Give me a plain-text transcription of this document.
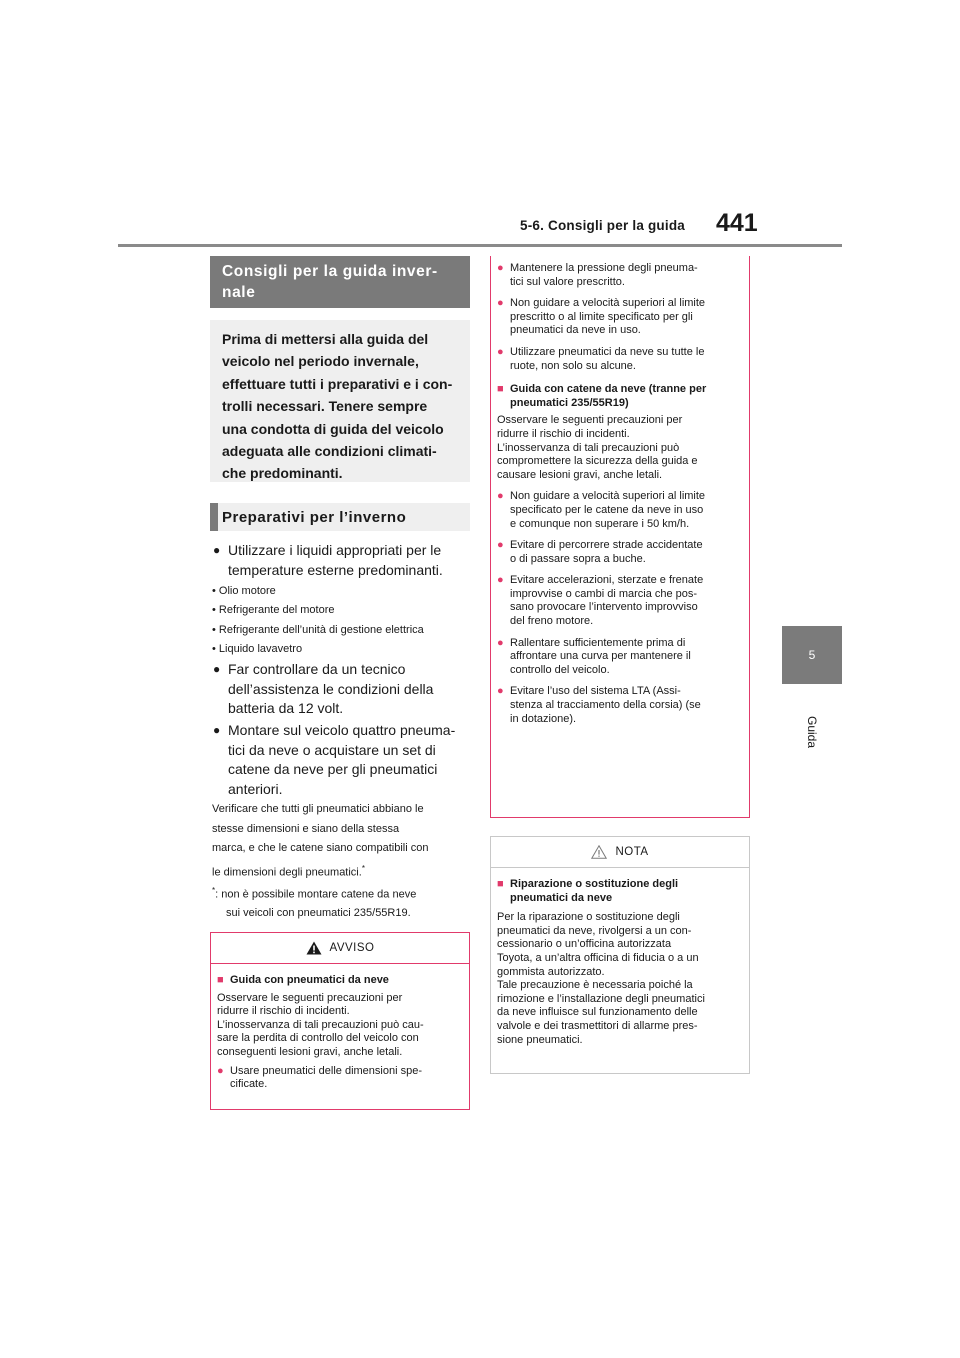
5-6. Consigli per la guida 441
5
Guida
Consigli per la guida inver-
nale
Prima di mettersi alla guida del
veicolo nel periodo invernale,
effettuare tutti i preparativi e i con-
trolli necessari. Tenere sempre
una condotta di guida del veicolo
adeguata alle condizioni climati-
che predominanti.
Preparativi per l’inverno
● Utilizzare i liquidi appropriati per le
temperature esterne predominanti.
• Olio motore
• Refrigerante del motore
• Refrigerante dell’unità di gestione elettrica
• Liquido lavavetro
● Far controllare da un tecnico
dell’assistenza le condizioni della
batteria da 12 volt.
● Montare sul veicolo quattro pneuma-
tici da neve o acquistare un set di
catene da neve per gli pneumatici
anteriori.
Verificare che tutti gli pneumatici abbiano le
stesse dimensioni e siano della stessa
marca, e che le catene siano compatibili con
le dimensioni degli pneumatici.*
*: non è possibile montare catene da neve
sui veicoli con pneumatici 235/55R19.
AVVISO
■ Guida con pneumatici da neve
Osservare le seguenti precauzioni per
ridurre il rischio di incidenti.
L’inosservanza di tali precauzioni può cau-
sare la perdita di controllo del veicolo con
conseguenti lesioni gravi, anche letali.
● Usare pneumatici delle dimensioni spe-
cificate.
● Mantenere la pressione degli pneuma-
tici sul valore prescritto.
● Non guidare a velocità superiori al limite
prescritto o al limite specificato per gli
pneumatici da neve in uso.
● Utilizzare pneumatici da neve su tutte le
ruote, non solo su alcune.
■ Guida con catene da neve (tranne per
pneumatici 235/55R19)
Osservare le seguenti precauzioni per
ridurre il rischio di incidenti.
L’inosservanza di tali precauzioni può
compromettere la sicurezza della guida e
causare lesioni gravi, anche letali.
● Non guidare a velocità superiori al limite
specificato per le catene da neve in uso
e comunque non superare i 50 km/h.
● Evitare di percorrere strade accidentate
o di passare sopra a buche.
● Evitare accelerazioni, sterzate e frenate
improvvise o cambi di marcia che pos-
sano provocare l’intervento improvviso
del freno motore.
● Rallentare sufficientemente prima di
affrontare una curva per mantenere il
controllo del veicolo.
● Evitare l’uso del sistema LTA (Assi-
stenza al tracciamento della corsia) (se
in dotazione).
NOTA
■ Riparazione o sostituzione degli
pneumatici da neve
Per la riparazione o sostituzione degli
pneumatici da neve, rivolgersi a un con-
cessionario o un’officina autorizzata
Toyota, a un’altra officina di fiducia o a un
gommista autorizzato.
Tale precauzione è necessaria poiché la
rimozione e l’installazione degli pneumatici
da neve influisce sul funzionamento delle
valvole e dei trasmettitori di allarme pres-
sione pneumatici.
